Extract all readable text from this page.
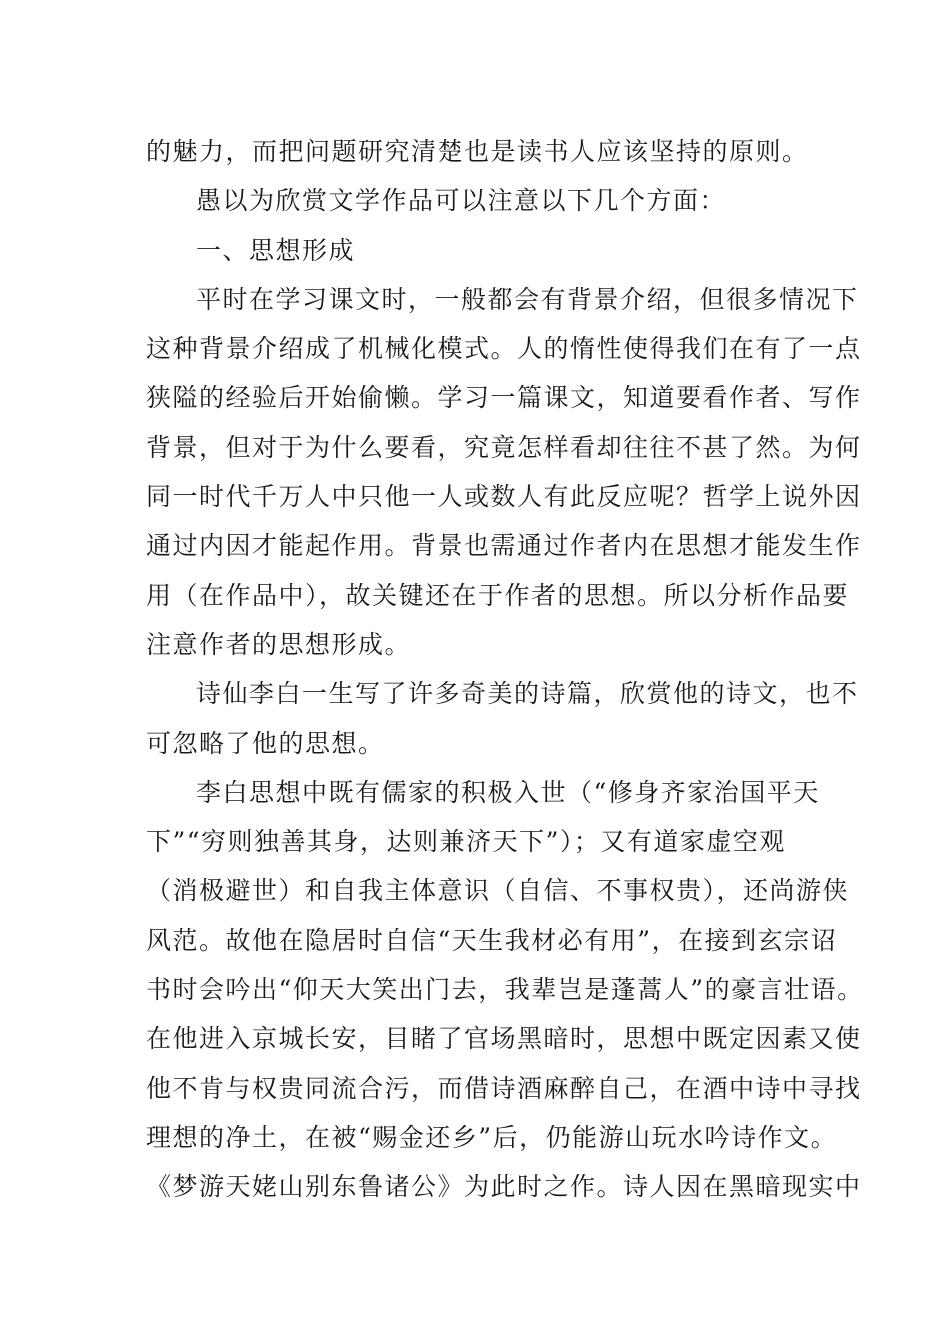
的魅力，而把问题研究清楚也是读书人应该坚持的原则。
愚以为欣赏文学作品可以注意以下几个方面：
一、思想形成
平时在学习课文时，一般都会有背景介绍，但很多情况下
这种背景介绍成了机械化模式。人的惰性使得我们在有了一点
狭隘的经验后开始偷懒。学习一篇课文，知道要看作者、写作
背景，但对于为什么要看，究竟怎样看却往往不甚了然。为何
同一时代千万人中只他一人或数人有此反应呢？哲学上说外因
通过内因才能起作用。背景也需通过作者内在思想才能发生作
用（在作品中），故关键还在于作者的思想。所以分析作品要
注意作者的思想形成。
诗仙李白一生写了许多奇美的诗篇，欣赏他的诗文，也不
可忽略了他的思想。
李白思想中既有儒家的积极入世（“修身齐家治国平天
下”“穷则独善其身，达则兼济天下”）；又有道家虚空观
（消极避世）和自我主体意识（自信、不事权贵），还尚游侠
风范。故他在隐居时自信“天生我材必有用”，在接到玄宗诏
书时会吟出“仰天大笑出门去，我辈岂是蓬蒿人”的豪言壮语。
在他进入京城长安，目睹了官场黑暗时，思想中既定因素又使
他不肯与权贵同流合污，而借诗酒麻醉自己，在酒中诗中寻找
理想的净土，在被“赐金还乡”后，仍能游山玩水吟诗作文。
《梦游天姥山别东鲁诸公》为此时之作。诗人因在黑暗现实中
